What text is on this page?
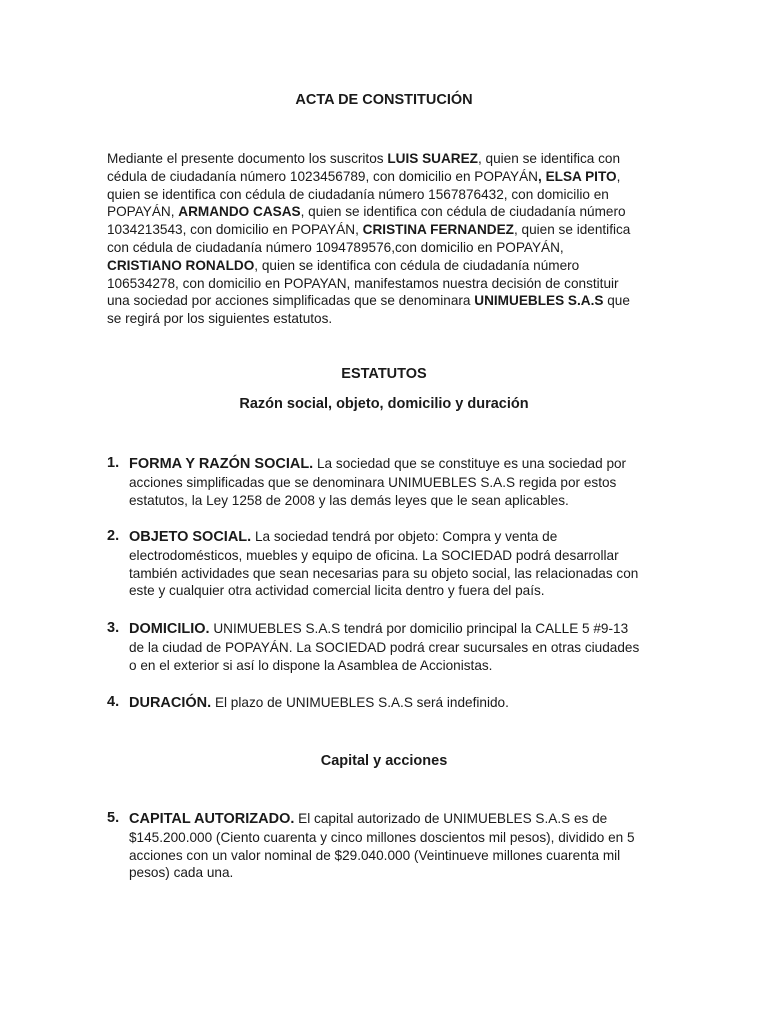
ACTA DE CONSTITUCIÓN

Mediante el presente documento los suscritos LUIS SUAREZ, quien se identifica con cédula de ciudadanía número 1023456789, con domicilio en POPAYÁN, ELSA PITO, quien se identifica con cédula de ciudadanía número 1567876432, con domicilio en POPAYÁN, ARMANDO CASAS, quien se identifica con cédula de ciudadanía número 1034213543, con domicilio en POPAYÁN, CRISTINA FERNANDEZ, quien se identifica con cédula de ciudadanía número 1094789576,con domicilio en POPAYÁN, CRISTIANO RONALDO, quien se identifica con cédula de ciudadanía número 106534278, con domicilio en POPAYAN, manifestamos nuestra decisión de constituir una sociedad por acciones simplificadas que se denominara UNIMUEBLES S.A.S que se regirá por los siguientes estatutos.

ESTATUTOS
Razón social, objeto, domicilio y duración
1. FORMA Y RAZÓN SOCIAL. La sociedad que se constituye es una sociedad por acciones simplificadas que se denominara UNIMUEBLES S.A.S regida por estos estatutos, la Ley 1258 de 2008 y las demás leyes que le sean aplicables.
2. OBJETO SOCIAL. La sociedad tendrá por objeto: Compra y venta de electrodomésticos, muebles y equipo de oficina. La SOCIEDAD podrá desarrollar también actividades que sean necesarias para su objeto social, las relacionadas con este y cualquier otra actividad comercial licita dentro y fuera del país.
3. DOMICILIO. UNIMUEBLES S.A.S tendrá por domicilio principal la CALLE 5 #9-13 de la ciudad de POPAYÁN. La SOCIEDAD podrá crear sucursales en otras ciudades o en el exterior si así lo dispone la Asamblea de Accionistas.
4. DURACIÓN. El plazo de UNIMUEBLES S.A.S será indefinido.
Capital y acciones
5. CAPITAL AUTORIZADO. El capital autorizado de UNIMUEBLES S.A.S es de $145.200.000 (Ciento cuarenta y cinco millones doscientos mil pesos), dividido en 5 acciones con un valor nominal de $29.040.000 (Veintinueve millones cuarenta mil pesos) cada una.
